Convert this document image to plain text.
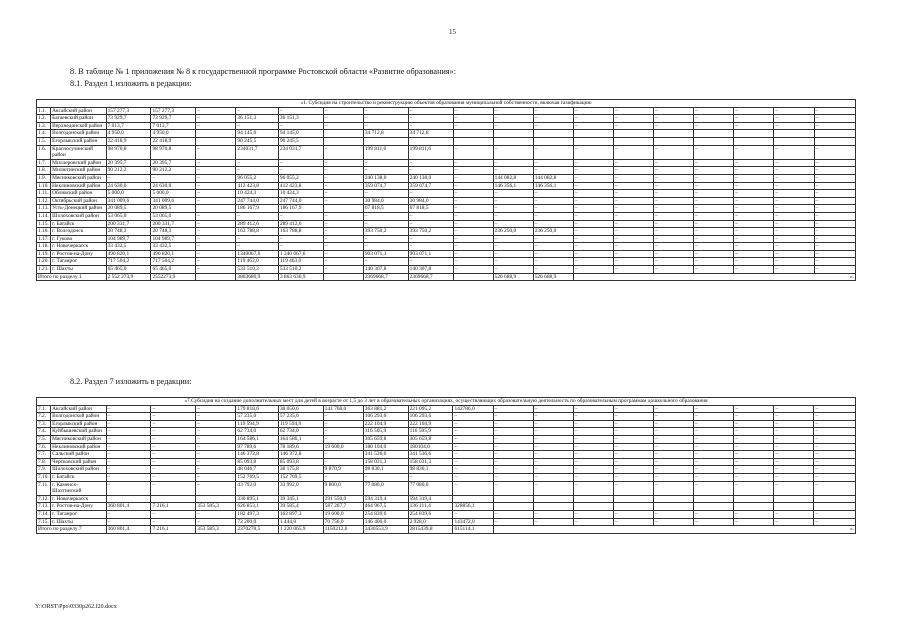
15
8. В таблице № 1 приложения № 8 к государственной программе Ростовской области «Развитие образования»:
8.1. Раздел 1 изложить в редакции:
«1. Субсидия на строительство и реконструкцию объектов образования муниципальной собственности, включая газификацию																			
1.1.	Аксайский район	157 277,3	157 277,3	–	–	–	–	–	–	–	–	–	–	–	–	–	–	–	–
1.2.	Багаевский район	73 929,7	73 929,7	–	36 151,3	36 151,3	–	–	–	–	–	–	–	–	–	–	–	–	–
1.3.	Верхнедонской район	7 013,7	7 013,7	–	–	–	–	–	–	–	–	–	–	–	–	–	–	–	–
1.4.	Волгодонской район	4 950,0	4 950,0		94 145,0	94 145,0		34 712,8	34 712,8										
1.5.	Егорлыкский район	22 418,9	22 418,9		90 245,5	90 245,5													
1.6.	Красносулинский район	98 970,8	98 970,8	–	234031,7	234 031,7	–	199 811,6	199 811,6	–	–	–	–	–	–	–	–	–	–
1.7.	Миллеровский район	20 395,7	20 395,7	–	–	–	–	–	–	–	–	–	–	–	–	–	–	–	–
1.8.	Милютинский район	90 212,2	90 212,2	–	–	–	–	–	–	–	–	–	–	–	–	–	–	–	–
1.9.	Мясниковский район	–	–	–	96 055,2	96 055,2	–	240 138,0	240 138,0	–	144 082,8	144 082,8	–	–	–	–	–	–	–
1.10.	Неклиновский район	24 630,0	24 630,0	–	412 423,8	412 423,8	–	359 074,7	359 074,7	–	146 356,1	146 356,1	–	–	–	–	–	–	–
1.11.	Обливский район	5 000,0	5 000,0	–	10 424,3	10 424,3	–	–	–	–	–	–	–	–	–	–	–	–	–
1.12.	Октябрьский район	341 009,6	341 009,6	–	247 744,0	247 744,0	–	30 984,0	30 984,0	–	–	–	–	–	–	–	–	–	–
1.13.	Усть-Донецкий район	20 089,5	20 089,5		186 167,9	186 167,9		67 818,5	67 818,5	–	–	–	–	–	–	–	–	–	–
1.14.	Шолоховский район	53 065,0	53 065,0	–	–	–	–	–	–	–	–	–	–	–	–	–	–	–	–
1.15.	г. Батайск	200 331,7	200 331,7	–	289 412,6	289 412,6	–	–	–	–	–	–	–	–	–	–	–	–	–
1.16.	г. Волгодонск	20 748,3	20 748,3	–	163 788,8	163 788,8	–	393 750,2	393 750,2	–	236 250,0	236 250,0	–	–	–	–	–	–	–
1.17.	г. Гуково	104 989,7	104 989,7	–	–	–	–	–	–	–	–	–	–	–	–	–	–	–	–
1.18.	г. Новочеркасск	33 432,5	33 432,5	–	–	–	–	–	–	–	–	–	–	–	–	–	–	–	–
1.19.	г. Ростов-на-Дону	490 820,1	490 820,1	–	1340067,6	1 340 067,6	–	903 071,1	903 071,1	–	–	–	–	–	–	–	–	–	–
1.20.	г. Таганрог	717 504,2	717 504,2	–	119 463,0	119 463,0	–	–	–	–	–	–	–	–	–	–	–	–	–
1.21.	г. Шахты	65 465,0	65 465,0	–	533 510,2	533 510,2	–	140 307,8	140 307,8	–	–	–	–	–	–	–	–	–	–
Итого по разделу 1		2 552 273,9	2552273,9		3863680,9	3 863 630,9		2369668,7	2369668,7		526 688,9	526 688,9	».						
8.2. Раздел 7 изложить в редакции:
«7.Субсидия на создание дополнительных мест для детей в возрасте от 1,5 до 3 лет в образовательных организациях, осуществляющих образовательную деятельность по образовательным программам дошкольного образования																			
7.1.	Аксайский район	–	–	–	179 818,6	38 050,6	141 768,0	363 881,2	221 095,2	142786,0	–	–	–	–	–	–	–	–	–
7.2.	Волгодонской район	–	–	–	57 235,0	57 235,0	–	106 293,6	106 293,6	–	–	–	–	–	–	–	–	–	–
7.3.	Егорлыкский район	–	–	–	119 594,9	119 594,9	–	222 104,9	222 104,9	–	–	–	–	–	–	–	–	–	–
7.4.	Куйбышевский район	–	–	–	62 734,0	62 734,0	–	116 505,9	116 505,9	–	–	–	–	–	–	–	–	–	–
7.5.	Мясниковский район	–	–	–	164 586,1	164 586,1	–	305 659,8	305 659,8	–	–	–	–	–	–	–	–	–	–
7.6.	Неклиновский район	–	–	–	97 789,6	78 189,6	19 600,0	180 104,0	180104,0	–	–	–	–	–	–	–	–	–	–
7.7.	Сальский район	–	–	–	146 372,8	146 372,8	–	341 536,6	341 536,6	–	–	–	–	–	–	–	–	–	–
7.8.	Чертковский район	–	–	–	85 093,8	85 093,8	–	158 031,3	158 031,3	–	–	–	–	–	–	–	–	–	–
7.9.	Шолоховский район	–	–	–	48 046,7	38 175,8	9 870,9	98 830,1	98 830,1	–	–	–	–	–	–	–	–	–	–
7.10.	г. Батайск	–	–	–	152 769,5	152 769,5	–	–	–	–	–	–	–	–	–	–	–	–	–
7.11.	г. Каменск-Шахтинский	–	–	–	43 792,0	33 992,0	9 800,0	77 080,0	77 080,0	–	–	–	–	–	–	–	–	–	–
7.12.	г. Новочеркасск				330 895,1	39 345,1	291 550,0	594 319,4	594 319,4										
7.13.	г. Ростов-на-Дону	360 801,4	7 216,1	353 585,3	626 853,1	39 585,4	587 267,7	464 967,5	136 111,4	328856,1									
7.14.	г. Таганрог	–	–	–	182 497,3	162 897,3	19 600,0	254 839,6	254 839,6	–	–	–	–	–	–	–	–	–	–
7.15.	г. Шахты	–	–	–	72 200,0	1 444,0	70 756,0	146 400,0	2 928,0	143472,0	–	–	–	–	–	–	–	–	–
Итого по разделу 7		360 801,4	7 216,1	353 585,3	2370278,5	1 220 065,9	1150212,6	3430553,9	2815439,8	615114,1	».								
Y:\ORST\Ppo\0330p262.f20.docx
